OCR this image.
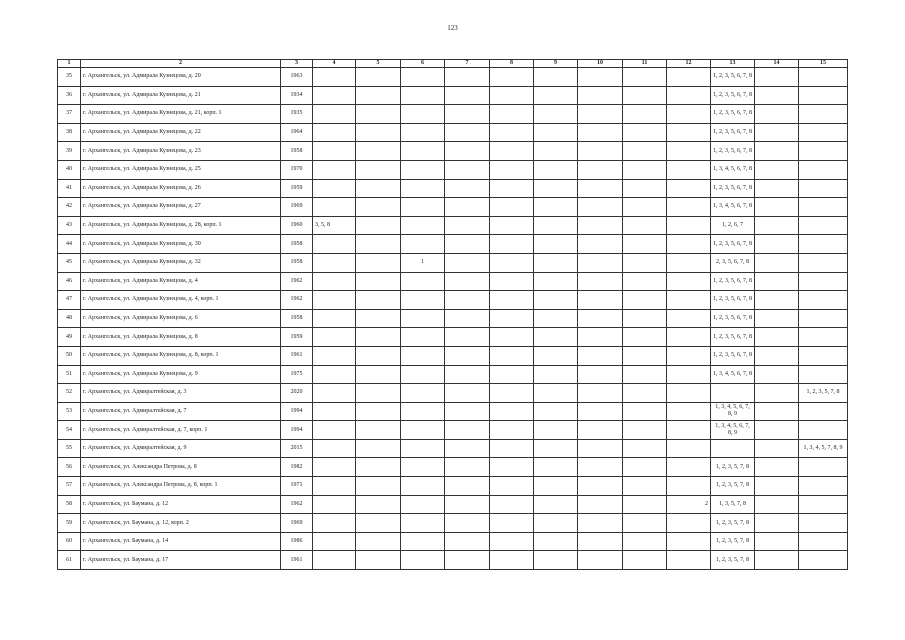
123
1	2	3	4	5	6	7	8	9	10	11	12	13	14	15
35	г. Архангельск, ул. Адмирала Кузнецова, д. 20	1963										1, 2, 3, 5, 6, 7, 8		
36	г. Архангельск, ул. Адмирала Кузнецова, д. 21	1934										1, 2, 3, 5, 6, 7, 8		
37	г. Архангельск, ул. Адмирала Кузнецова, д. 21, корп. 1	1935										1, 2, 3, 5, 6, 7, 8		
38	г. Архангельск, ул. Адмирала Кузнецова, д. 22	1964										1, 2, 3, 5, 6, 7, 8		
39	г. Архангельск, ул. Адмирала Кузнецова, д. 23	1958										1, 2, 3, 5, 6, 7, 8		
40	г. Архангельск, ул. Адмирала Кузнецова, д. 25	1970										1, 3, 4, 5, 6, 7, 8		
41	г. Архангельск, ул. Адмирала Кузнецова, д. 26	1959										1, 2, 3, 5, 6, 7, 8		
42	г. Архангельск, ул. Адмирала Кузнецова, д. 27	1969										1, 3, 4, 5, 6, 7, 8		
43	г. Архангельск, ул. Адмирала Кузнецова, д. 28, корп. 1	1960	3, 5, 8									1, 2, 6, 7		
44	г. Архангельск, ул. Адмирала Кузнецова, д. 30	1958										1, 2, 3, 5, 6, 7, 8		
45	г. Архангельск, ул. Адмирала Кузнецова, д. 32	1958			1							2, 3, 5, 6, 7, 8		
46	г. Архангельск, ул. Адмирала Кузнецова, д. 4	1962										1, 2, 3, 5, 6, 7, 8		
47	г. Архангельск, ул. Адмирала Кузнецова, д. 4, корп. 1	1962										1, 2, 3, 5, 6, 7, 8		
48	г. Архангельск, ул. Адмирала Кузнецова, д. 6	1958										1, 2, 3, 5, 6, 7, 8		
49	г. Архангельск, ул. Адмирала Кузнецова, д. 8	1959										1, 2, 3, 5, 6, 7, 8		
50	г. Архангельск, ул. Адмирала Кузнецова, д. 8, корп. 1	1961										1, 2, 3, 5, 6, 7, 8		
51	г. Архангельск, ул. Адмирала Кузнецова, д. 9	1975										1, 3, 4, 5, 6, 7, 8		
52	г. Архангельск, ул. Адмиралтейская, д. 3	2020												1, 2, 3, 5, 7, 8
53	г. Архангельск, ул. Адмиралтейская, д. 7	1994										1, 3, 4, 5, 6, 7, 8, 9		
54	г. Архангельск, ул. Адмиралтейская, д. 7, корп. 1	1994										1, 3, 4, 5, 6, 7, 8, 9		
55	г. Архангельск, ул. Адмиралтейская, д. 9	2015												1, 3, 4, 5, 7, 8, 9
56	г. Архангельск, ул. Александра Петрова, д. 8	1982										1, 2, 3, 5, 7, 8		
57	г. Архангельск, ул. Александра Петрова, д. 8, корп. 1	1971										1, 2, 3, 5, 7, 8		
58	г. Архангельск, ул. Баумана, д. 12	1962									2	1, 3, 5, 7, 8		
59	г. Архангельск, ул. Баумана, д. 12, корп. 2	1969										1, 2, 3, 5, 7, 8		
60	г. Архангельск, ул. Баумана, д. 14	1986										1, 2, 3, 5, 7, 8		
61	г. Архангельск, ул. Баумана, д. 17	1961										1, 2, 3, 5, 7, 8		
